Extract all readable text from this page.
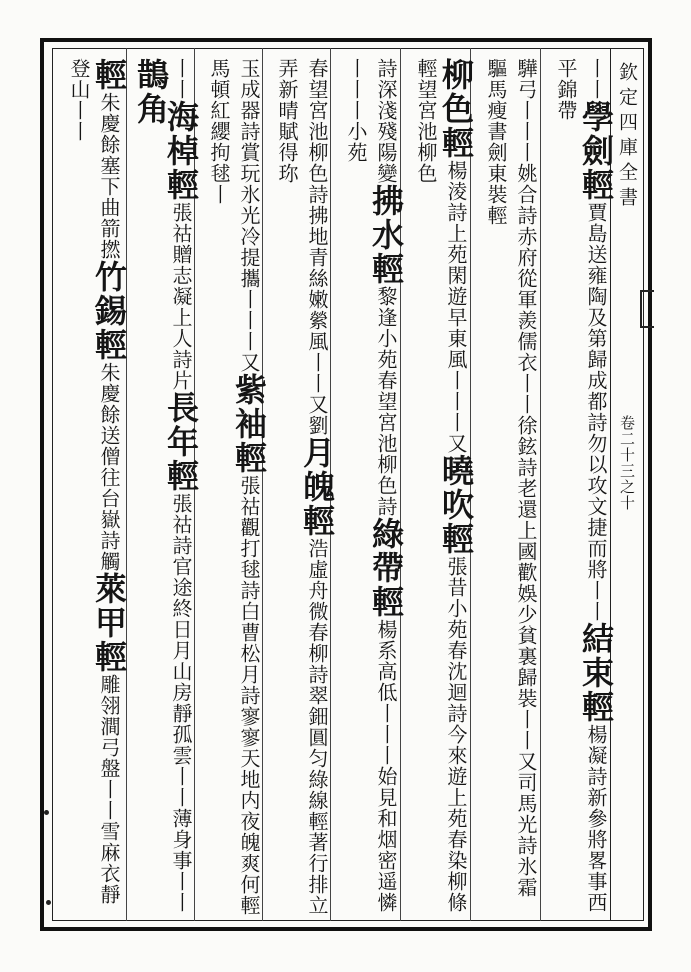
欽定四庫全書
卷二十三之十
丨丨學劍輕賈島送雍陶及第歸成都詩勿以攻文捷而將丨丨結束輕楊凝詩新參將畧事西平錦帶
驊弓丨丨丨姚合詩赤府從軍羨儒衣丨丨徐鉉詩老還上國歡娛少貧裏歸裝丨丨又司馬光詩氷霜驅馬瘦書劍東裝輕
柳色輕楊淩詩上苑閑遊早東風丨丨丨又曉吹輕張昔小苑春沈迴詩今來遊上苑春染柳條輕望宮池柳色
詩深淺殘陽變拂水輕黎逢小苑春望宮池柳色詩綠帶輕楊系高低丨丨丨始見和烟密遥憐丨丨丨小苑
春望宮池柳色詩拂地青絲嫩縈風丨丨又劉月魄輕浩虛舟微春柳詩翠鈿圓匀綠線輕著行排立弄新晴賦得珎
玉成器詩賞玩氷光冷提攜丨丨丨又紫袖輕張祜觀打毬詩白曹松月詩寥寥天地内夜魄爽何輕馬頓紅纓拘毬丨
丨丨海棹輕張祜贈志凝上人詩片長年輕張祜詩官途終日月山房靜孤雲丨丨薄身事丨丨鵲角
輕朱慶餘塞下曲箭撚竹錫輕朱慶餘送僧往台嶽詩觸萊甲輕雕翎澗弓盤丨丨雪麻衣靜登山丨丨
